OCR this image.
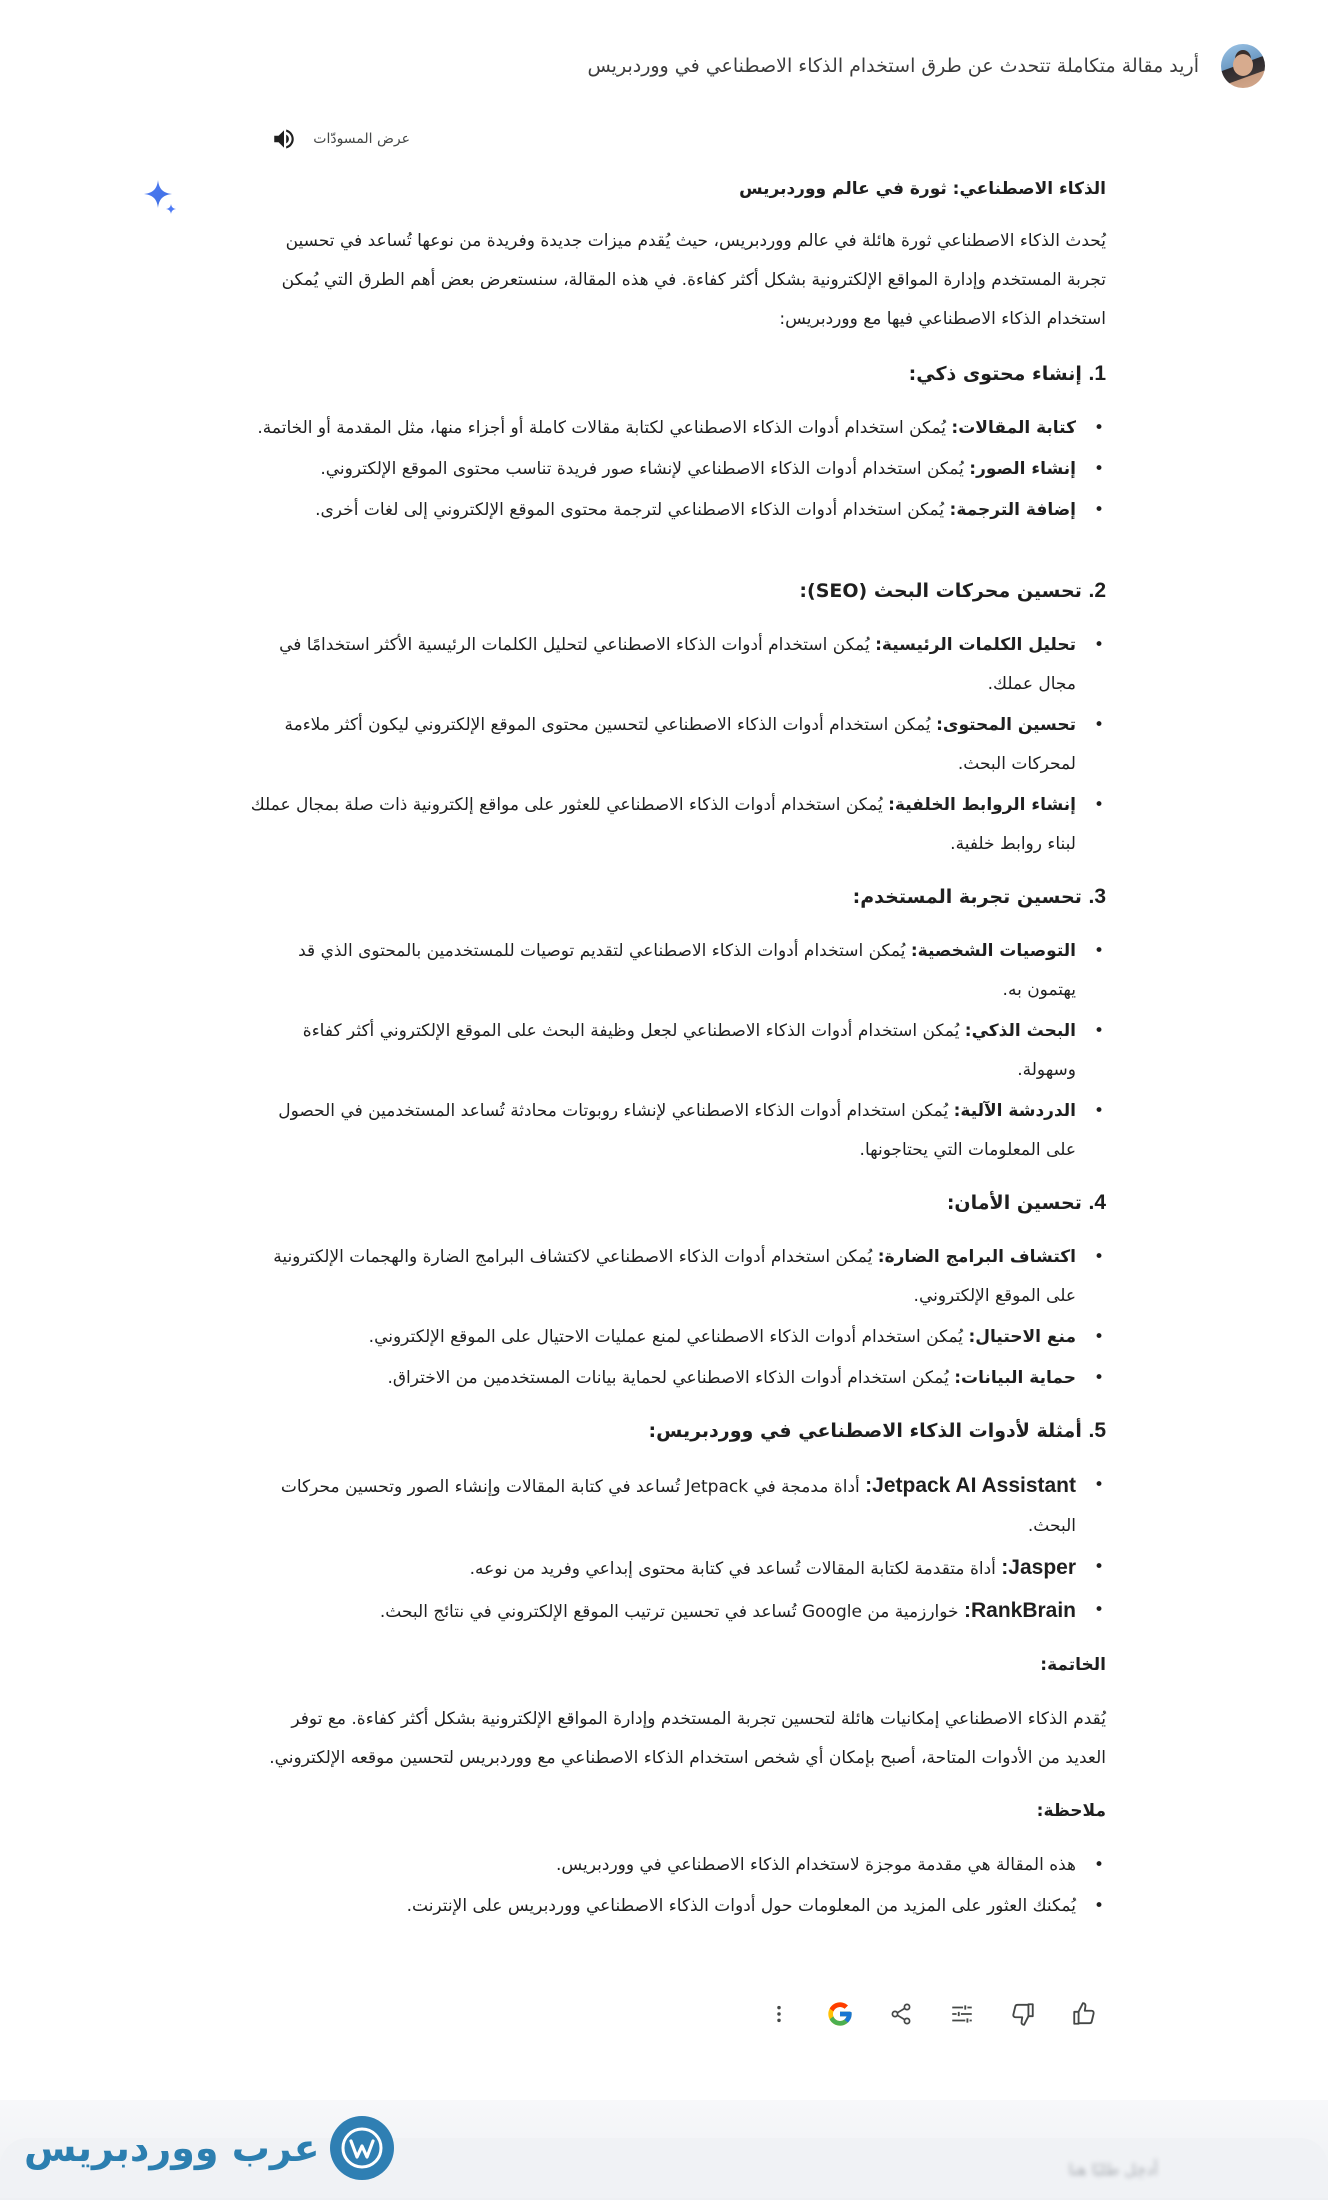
أريد مقالة متكاملة تتحدث عن طرق استخدام الذكاء الاصطناعي في ووردبريس
عرض المسودّات

الذكاء الاصطناعي: ثورة في عالم ووردبريس

يُحدث الذكاء الاصطناعي ثورة هائلة في عالم ووردبريس، حيث يُقدم ميزات جديدة وفريدة من نوعها تُساعد في تحسين تجربة المستخدم وإدارة المواقع الإلكترونية بشكل أكثر كفاءة. في هذه المقالة، سنستعرض بعض أهم الطرق التي يُمكن استخدام الذكاء الاصطناعي فيها مع ووردبريس:

1. إنشاء محتوى ذكي:

• كتابة المقالات: يُمكن استخدام أدوات الذكاء الاصطناعي لكتابة مقالات كاملة أو أجزاء منها، مثل المقدمة أو الخاتمة.
• إنشاء الصور: يُمكن استخدام أدوات الذكاء الاصطناعي لإنشاء صور فريدة تناسب محتوى الموقع الإلكتروني.
• إضافة الترجمة: يُمكن استخدام أدوات الذكاء الاصطناعي لترجمة محتوى الموقع الإلكتروني إلى لغات أخرى.

2. تحسين محركات البحث (SEO):

• تحليل الكلمات الرئيسية: يُمكن استخدام أدوات الذكاء الاصطناعي لتحليل الكلمات الرئيسية الأكثر استخدامًا في مجال عملك.
• تحسين المحتوى: يُمكن استخدام أدوات الذكاء الاصطناعي لتحسين محتوى الموقع الإلكتروني ليكون أكثر ملاءمة لمحركات البحث.
• إنشاء الروابط الخلفية: يُمكن استخدام أدوات الذكاء الاصطناعي للعثور على مواقع إلكترونية ذات صلة بمجال عملك لبناء روابط خلفية.

3. تحسين تجربة المستخدم:

• التوصيات الشخصية: يُمكن استخدام أدوات الذكاء الاصطناعي لتقديم توصيات للمستخدمين بالمحتوى الذي قد يهتمون به.
• البحث الذكي: يُمكن استخدام أدوات الذكاء الاصطناعي لجعل وظيفة البحث على الموقع الإلكتروني أكثر كفاءة وسهولة.
• الدردشة الآلية: يُمكن استخدام أدوات الذكاء الاصطناعي لإنشاء روبوتات محادثة تُساعد المستخدمين في الحصول على المعلومات التي يحتاجونها.

4. تحسين الأمان:

• اكتشاف البرامج الضارة: يُمكن استخدام أدوات الذكاء الاصطناعي لاكتشاف البرامج الضارة والهجمات الإلكترونية على الموقع الإلكتروني.
• منع الاحتيال: يُمكن استخدام أدوات الذكاء الاصطناعي لمنع عمليات الاحتيال على الموقع الإلكتروني.
• حماية البيانات: يُمكن استخدام أدوات الذكاء الاصطناعي لحماية بيانات المستخدمين من الاختراق.

5. أمثلة لأدوات الذكاء الاصطناعي في ووردبريس:

• Jetpack AI Assistant: أداة مدمجة في Jetpack تُساعد في كتابة المقالات وإنشاء الصور وتحسين محركات البحث.
• Jasper: أداة متقدمة لكتابة المقالات تُساعد في كتابة محتوى إبداعي وفريد من نوعه.
• RankBrain: خوارزمية من Google تُساعد في تحسين ترتيب الموقع الإلكتروني في نتائج البحث.

الخاتمة:

يُقدم الذكاء الاصطناعي إمكانيات هائلة لتحسين تجربة المستخدم وإدارة المواقع الإلكترونية بشكل أكثر كفاءة. مع توفر العديد من الأدوات المتاحة، أصبح بإمكان أي شخص استخدام الذكاء الاصطناعي مع ووردبريس لتحسين موقعه الإلكتروني.

ملاحظة:

• هذه المقالة هي مقدمة موجزة لاستخدام الذكاء الاصطناعي في ووردبريس.
• يُمكنك العثور على المزيد من المعلومات حول أدوات الذكاء الاصطناعي ووردبريس على الإنترنت.
أدخِل طلبًا هنا
عرب ووردبريس
